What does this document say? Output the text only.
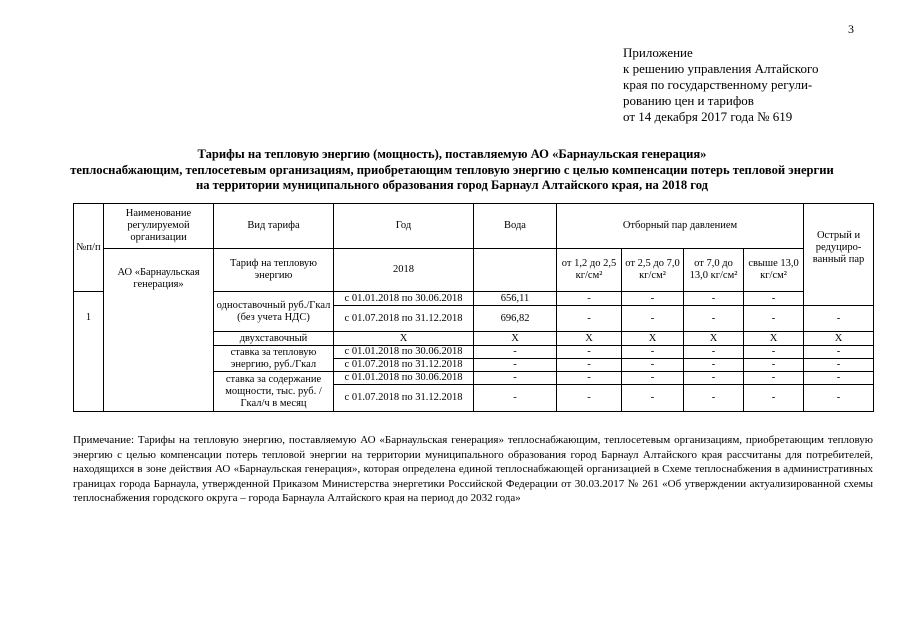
3
Приложение
к решению управления Алтайского
края по государственному регули-
рованию цен и тарифов
от 14 декабря 2017 года № 619
Тарифы на тепловую энергию (мощность), поставляемую АО «Барнаульская генерация»
теплоснабжающим, теплосетевым организациям, приобретающим тепловую энергию с целью компенсации потерь тепловой энергии
на территории муниципального образования город Барнаул Алтайского края, на 2018 год
№п/п	Наименование регулируемой организации	Вид тарифа	Год	Вода	Отборный пар давлением				Острый и редуциро-ванный пар

	АО «Барнаульская генерация»	Тариф на тепловую энергию	2018		от 1,2 до 2,5 кг/см²	от 2,5 до 7,0 кг/см²	от 7,0 до 13,0 кг/см²	свыше 13,0 кг/см²	
1		одноставочный руб./Гкал (без учета НДС)	с 01.01.2018 по 30.06.2018	656,11	-	-	-	-	
			с 01.07.2018 по 31.12.2018	696,82	-	-	-	-	-
		двухставочный	Х	Х	Х	Х	Х	Х	Х
		ставка за тепловую энергию, руб./Гкал	с 01.01.2018 по 30.06.2018	-	-	-	-	-	-
			с 01.07.2018 по 31.12.2018	-	-	-	-	-	-
		ставка за содержание мощности, тыс. руб. /Гкал/ч в месяц	с 01.01.2018 по 30.06.2018	-	-	-	-	-	-
			с 01.07.2018 по 31.12.2018	-	-	-	-	-	-
Примечание: Тарифы на тепловую энергию, поставляемую АО «Барнаульская генерация» теплоснабжающим, теплосетевым организациям, приобретающим тепловую энергию с целью компенсации потерь тепловой энергии на территории муниципального образования город Барнаул Алтайского края рассчитаны для потребителей, находящихся в зоне действия АО «Барнаульская генерация», которая определена единой теплоснабжающей организацией в Схеме теплоснабжения в административных границах города Барнаула, утвержденной Приказом Министерства энергетики Российской Федерации от 30.03.2017 № 261 «Об утверждении актуализированной схемы теплоснабжения городского округа – города Барнаула Алтайского края на период до 2032 года»
